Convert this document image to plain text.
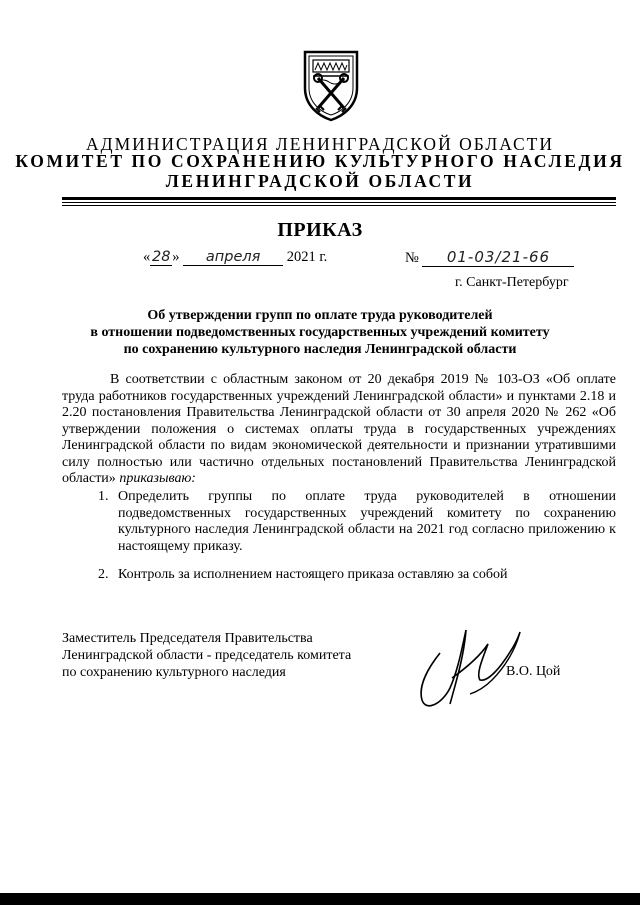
АДМИНИСТРАЦИЯ ЛЕНИНГРАДСКОЙ ОБЛАСТИ
КОМИТЕТ ПО СОХРАНЕНИЮ КУЛЬТУРНОГО НАСЛЕДИЯ
ЛЕНИНГРАДСКОЙ ОБЛАСТИ
ПРИКАЗ
« 28 » апреля 2021 г.	№ 01-03/21-66
г. Санкт-Петербург
Об утверждении групп по оплате труда руководителей
в отношении подведомственных государственных учреждений комитету
по сохранению культурного наследия Ленинградской области
В соответствии с областным законом от 20 декабря 2019 № 103-ОЗ «Об оплате труда работников государственных учреждений Ленинградской области» и пунктами 2.18 и 2.20 постановления Правительства Ленинградской области от 30 апреля 2020 № 262 «Об утверждении положения о системах оплаты труда в государственных учреждениях Ленинградской области по видам экономической деятельности и признании утратившими силу полностью или частично отдельных постановлений Правительства Ленинградской области» приказываю:
1. Определить группы по оплате труда руководителей в отношении подведомственных государственных учреждений комитету по сохранению культурного наследия Ленинградской области на 2021 год согласно приложению к настоящему приказу.
2. Контроль за исполнением настоящего приказа оставляю за собой
Заместитель Председателя Правительства
Ленинградской области - председатель комитета
по сохранению культурного наследия	В.О. Цой
